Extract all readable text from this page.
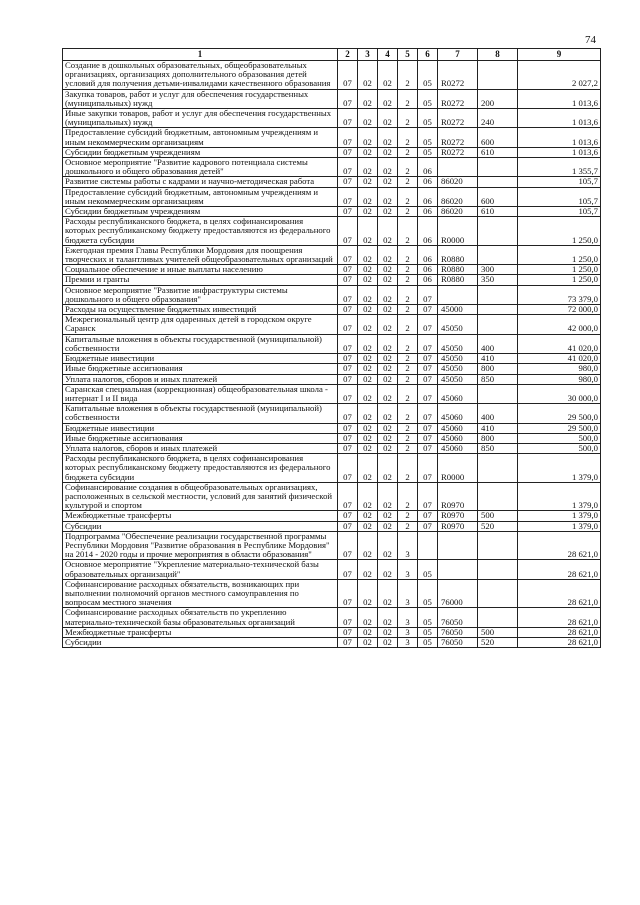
74
1	2	3	4	5	6	7	8	9
Создание в дошкольных образовательных, общеобразовательных организациях, организациях дополнительного образования детей условий для получения детьми-инвалидами качественного образования	07	02	02	2	05	R0272		2 027,2
Закупка товаров, работ и услуг для обеспечения государственных (муниципальных) нужд	07	02	02	2	05	R0272	200	1 013,6
Иные закупки товаров, работ и услуг для обеспечения государственных (муниципальных) нужд	07	02	02	2	05	R0272	240	1 013,6
Предоставление субсидий бюджетным, автономным учреждениям и иным некоммерческим организациям	07	02	02	2	05	R0272	600	1 013,6
Субсидии бюджетным учреждениям	07	02	02	2	05	R0272	610	1 013,6
Основное мероприятие "Развитие кадрового потенциала системы дошкольного и общего образования детей"	07	02	02	2	06			1 355,7
Развитие системы работы с кадрами и научно-методическая работа	07	02	02	2	06	86020		105,7
Предоставление субсидий бюджетным, автономным учреждениям и иным некоммерческим организациям	07	02	02	2	06	86020	600	105,7
Субсидии бюджетным учреждениям	07	02	02	2	06	86020	610	105,7
Расходы республиканского бюджета, в целях софинансирования которых республиканскому бюджету предоставляются из федерального бюджета субсидии	07	02	02	2	06	R0000		1 250,0
Ежегодная премия Главы Республики Мордовия для поощрения творческих и талантливых учителей общеобразовательных организаций	07	02	02	2	06	R0880		1 250,0
Социальное обеспечение и иные выплаты населению	07	02	02	2	06	R0880	300	1 250,0
Премии и гранты	07	02	02	2	06	R0880	350	1 250,0
Основное мероприятие "Развитие инфраструктуры системы дошкольного и общего образования"	07	02	02	2	07			73 379,0
Расходы на осуществление бюджетных инвестиций	07	02	02	2	07	45000		72 000,0
Межрегиональный центр для одаренных детей в городском округе Саранск	07	02	02	2	07	45050		42 000,0
Капитальные вложения в объекты государственной (муниципальной) собственности	07	02	02	2	07	45050	400	41 020,0
Бюджетные инвестиции	07	02	02	2	07	45050	410	41 020,0
Иные бюджетные ассигнования	07	02	02	2	07	45050	800	980,0
Уплата налогов, сборов и иных платежей	07	02	02	2	07	45050	850	980,0
Саранская специальная (коррекционная) общеобразовательная школа - интернат I и II вида	07	02	02	2	07	45060		30 000,0
Капитальные вложения в объекты государственной (муниципальной) собственности	07	02	02	2	07	45060	400	29 500,0
Бюджетные инвестиции	07	02	02	2	07	45060	410	29 500,0
Иные бюджетные ассигнования	07	02	02	2	07	45060	800	500,0
Уплата налогов, сборов и иных платежей	07	02	02	2	07	45060	850	500,0
Расходы республиканского бюджета, в целях софинансирования которых республиканскому бюджету предоставляются из федерального бюджета субсидии	07	02	02	2	07	R0000		1 379,0
Софинансирование создания в общеобразовательных организациях, расположенных в сельской местности, условий для занятий физической культурой и спортом	07	02	02	2	07	R0970		1 379,0
Межбюджетные трансферты	07	02	02	2	07	R0970	500	1 379,0
Субсидии	07	02	02	2	07	R0970	520	1 379,0
Подпрограмма "Обеспечение реализации государственной программы Республики Мордовия "Развитие образования в Республике Мордовия" на 2014 - 2020 годы и прочие мероприятия в области образования"	07	02	02	3				28 621,0
Основное мероприятие "Укрепление материально-технической базы образовательных организаций"	07	02	02	3	05			28 621,0
Софинансирование расходных обязательств, возникающих при выполнении полномочий органов местного самоуправления по вопросам местного значения	07	02	02	3	05	76000		28 621,0
Софинансирование расходных обязательств по укреплению материально-технической базы образовательных организаций	07	02	02	3	05	76050		28 621,0
Межбюджетные трансферты	07	02	02	3	05	76050	500	28 621,0
Субсидии	07	02	02	3	05	76050	520	28 621,0
